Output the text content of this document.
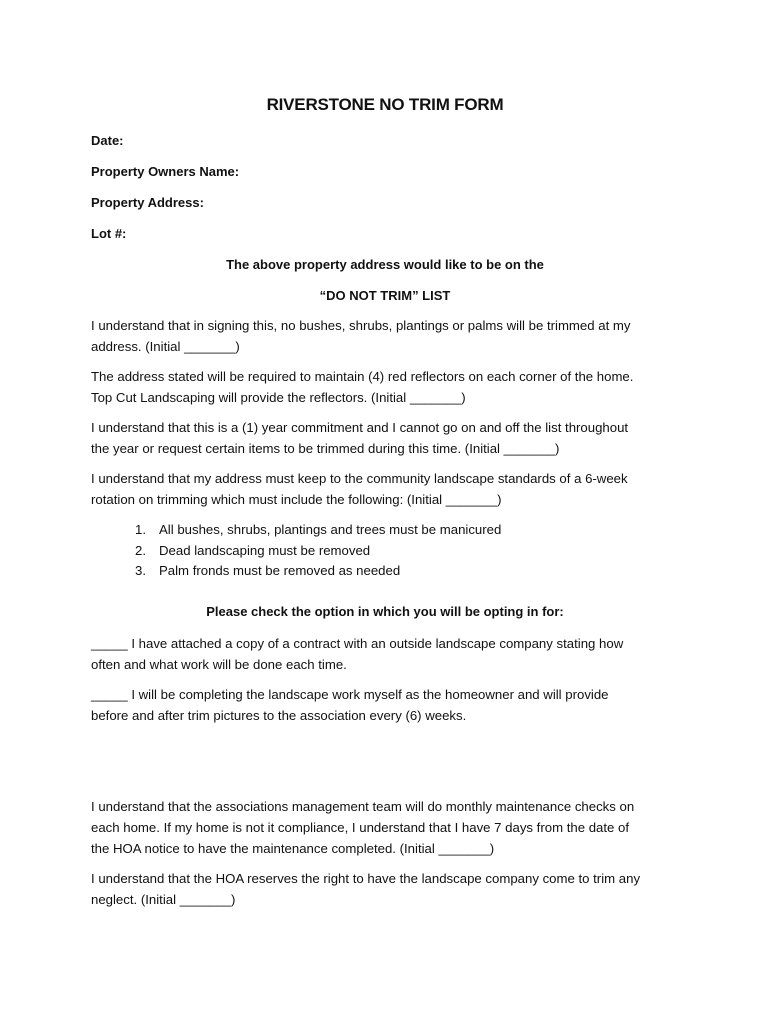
RIVERSTONE NO TRIM FORM
Date:
Property Owners Name:
Property Address:
Lot #:
The above property address would like to be on the
“DO NOT TRIM” LIST
I understand that in signing this, no bushes, shrubs, plantings or palms will be trimmed at my
address. (Initial _______)
The address stated will be required to maintain (4) red reflectors on each corner of the home.
Top Cut Landscaping will provide the reflectors. (Initial _______)
I understand that this is a (1) year commitment and I cannot go on and off the list throughout
the year or request certain items to be trimmed during this time. (Initial _______)
I understand that my address must keep to the community landscape standards of a 6-week
rotation on trimming which must include the following: (Initial _______)
1. All bushes, shrubs, plantings and trees must be manicured
2. Dead landscaping must be removed
3. Palm fronds must be removed as needed
Please check the option in which you will be opting in for:
_____ I have attached a copy of a contract with an outside landscape company stating how
often and what work will be done each time.
_____ I will be completing the landscape work myself as the homeowner and will provide
before and after trim pictures to the association every (6) weeks.
I understand that the associations management team will do monthly maintenance checks on
each home. If my home is not it compliance, I understand that I have 7 days from the date of
the HOA notice to have the maintenance completed. (Initial _______)
I understand that the HOA reserves the right to have the landscape company come to trim any
neglect. (Initial _______)
